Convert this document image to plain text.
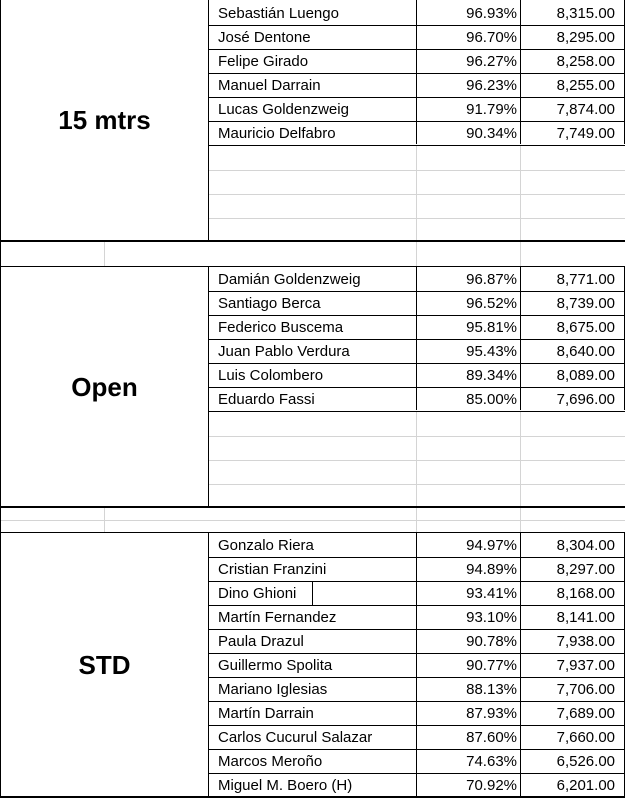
Sebastián Luengo	96.93%	8,315.00
José Dentone	96.70%	8,295.00
Felipe Girado	96.27%	8,258.00
Manuel Darrain	96.23%	8,255.00
Lucas Goldenzweig	91.79%	7,874.00
Mauricio Delfabro	90.34%	7,749.00
15 mtrs
Damián Goldenzweig	96.87%	8,771.00
Santiago Berca	96.52%	8,739.00
Federico Buscema	95.81%	8,675.00
Juan Pablo Verdura	95.43%	8,640.00
Luis Colombero	89.34%	8,089.00
Eduardo Fassi	85.00%	7,696.00
Open
Gonzalo Riera	94.97%	8,304.00
Cristian Franzini	94.89%	8,297.00
Dino Ghioni	93.41%	8,168.00
Martín Fernandez	93.10%	8,141.00
Paula Drazul	90.78%	7,938.00
Guillermo Spolita	90.77%	7,937.00
Mariano Iglesias	88.13%	7,706.00
Martín Darrain	87.93%	7,689.00
Carlos Cucurul Salazar	87.60%	7,660.00
Marcos Meroño	74.63%	6,526.00
Miguel M. Boero (H)	70.92%	6,201.00
STD
